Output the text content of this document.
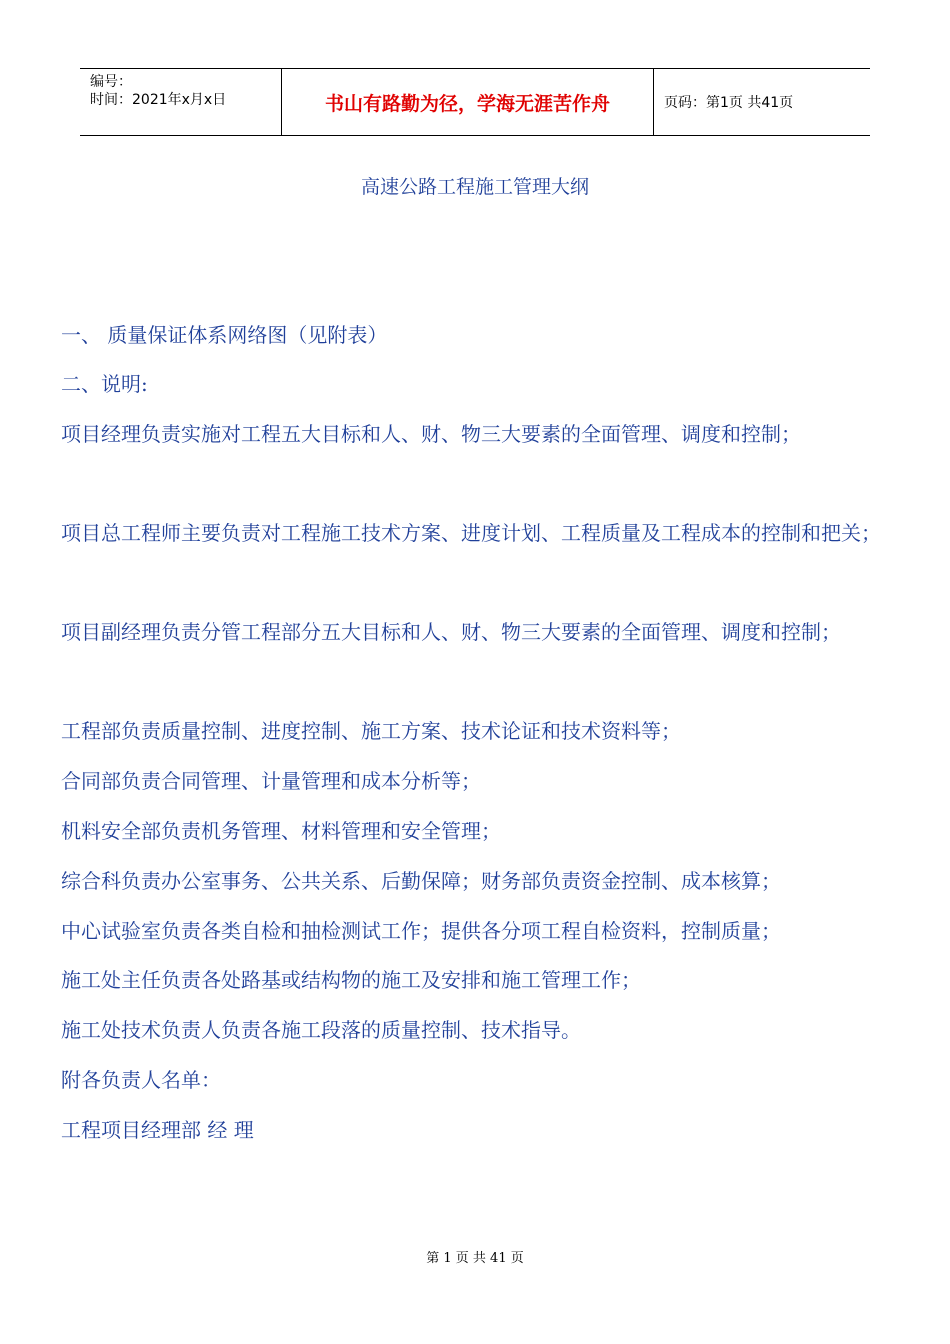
编号：
时间：2021年x月x日	书山有路勤为径，学海无涯苦作舟	页码：第1页 共41页
高速公路工程施工管理大纲
一、 质量保证体系网络图（见附表）
二、说明:
项目经理负责实施对工程五大目标和人、财、物三大要素的全面管理、调度和控制；
项目总工程师主要负责对工程施工技术方案、进度计划、工程质量及工程成本的控制和把关；
项目副经理负责分管工程部分五大目标和人、财、物三大要素的全面管理、调度和控制；
工程部负责质量控制、进度控制、施工方案、技术论证和技术资料等；
合同部负责合同管理、计量管理和成本分析等；
机料安全部负责机务管理、材料管理和安全管理；
综合科负责办公室事务、公共关系、后勤保障；财务部负责资金控制、成本核算；
中心试验室负责各类自检和抽检测试工作；提供各分项工程自检资料，控制质量；
施工处主任负责各处路基或结构物的施工及安排和施工管理工作；
施工处技术负责人负责各施工段落的质量控制、技术指导。
附各负责人名单：
工程项目经理部 经 理
第 1 页 共 41 页
